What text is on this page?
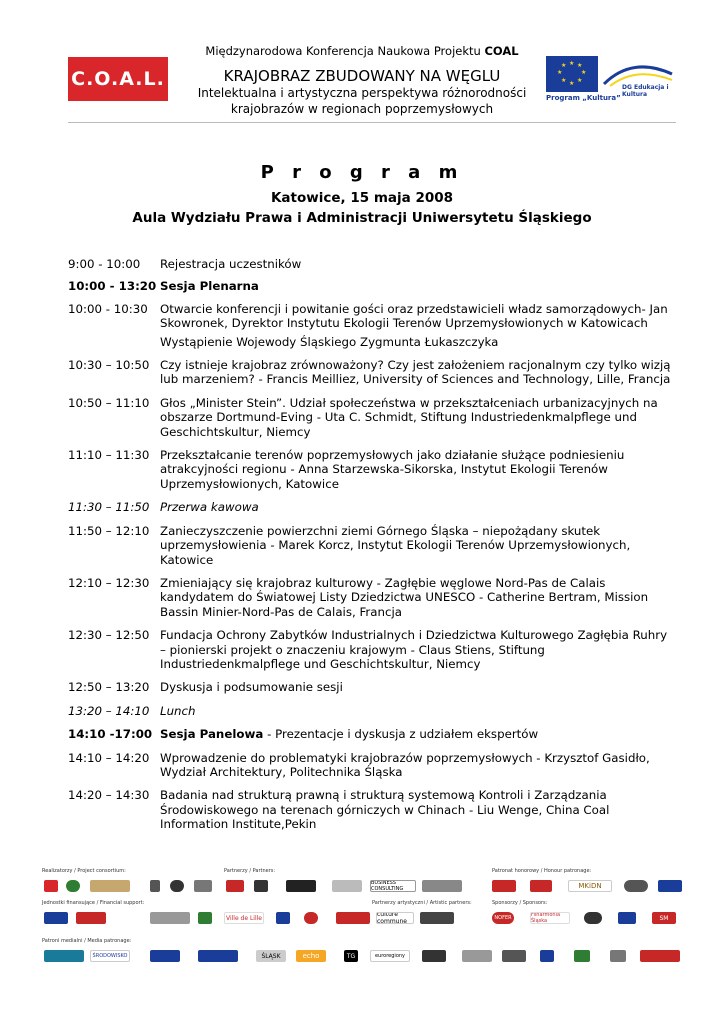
Międzynarodowa Konferencja Naukowa Projektu COAL
C.O.A.L.	KRAJOBRAZ ZBUDOWANY NA WĘGLU
Intelektualna i artystyczna perspektywa różnorodności
krajobrazów w regionach poprzemysłowych
★ ★
★
★
★
★
★
★
DG Edukacja i Kultura
Program „Kultura”
P r o g r a m
Katowice, 15 maja 2008
Aula Wydziału Prawa i Administracji Uniwersytetu Śląskiego
9:00 - 10:00	Rejestracja uczestników
10:00 - 13:20 Sesja Plenarna
10:00 - 10:30	Otwarcie konferencji i powitanie gości oraz przedstawicieli władz samorządowych- Jan Skowronek, Dyrektor Instytutu Ekologii Terenów Uprzemysłowionych w Katowicach
Wystąpienie Wojewody Śląskiego Zygmunta Łukaszczyka
10:30 – 10:50 Czy istnieje krajobraz zrównoważony? Czy jest założeniem racjonalnym czy tylko wizją lub marzeniem? - Francis Meilliez, University of Sciences and Technology, Lille, Francja
10:50 – 11:10 Głos „Minister Stein”. Udział społeczeństwa w przekształceniach urbanizacyjnych na obszarze Dortmund-Eving - Uta C. Schmidt, Stiftung Industriedenkmalpflege und Geschichtskultur, Niemcy
11:10 – 11:30 Przekształcanie terenów poprzemysłowych jako działanie służące podniesieniu atrakcyjności regionu - Anna Starzewska-Sikorska, Instytut Ekologii Terenów Uprzemysłowionych, Katowice
11:30 – 11:50 Przerwa kawowa
11:50 – 12:10 Zanieczyszczenie powierzchni ziemi Górnego Śląska – niepożądany skutek uprzemysłowienia - Marek Korcz, Instytut Ekologii Terenów Uprzemysłowionych, Katowice
12:10 – 12:30 Zmieniający się krajobraz kulturowy - Zagłębie węglowe Nord-Pas de Calais kandydatem do Światowej Listy Dziedzictwa UNESCO - Catherine Bertram, Mission Bassin Minier-Nord-Pas de Calais, Francja
12:30 – 12:50 Fundacja Ochrony Zabytków Industrialnych i Dziedzictwa Kulturowego Zagłębia Ruhry – pionierski projekt o znaczeniu krajowym - Claus Stiens, Stiftung Industriedenkmalpflege und Geschichtskultur, Niemcy
12:50 – 13:20 Dyskusja i podsumowanie sesji
13:20 – 14:10 Lunch
14:10 -17:00 Sesja Panelowa - Prezentacje i dyskusja z udziałem ekspertów
14:10 – 14:20 Wprowadzenie do problematyki krajobrazów poprzemysłowych - Krzysztof Gasidło, Wydział Architektury, Politechnika Śląska
14:20 – 14:30 Badania nad strukturą prawną i strukturą systemową Kontroli i Zarządzania Środowiskowego na terenach górniczych w Chinach - Liu Wenge, China Coal Information Institute,Pekin
Realizatorzy / Project consortium:	Partnerzy / Partners:	Patronat honorowy / Honour patronage:
Jednostki finansujące / Financial support:	Partnerzy artystyczni / Artistic partners:	Sponsorzy / Sponsors:
Patroni medialni / Media patronage:
BUSINESS CONSULTING	MKiDN
Ville de Lille	culture commune	NOFER	Filharmonia Śląska	SM
ŚRODOWISKO	ŚLĄSK	echo	TG	euroregiony
